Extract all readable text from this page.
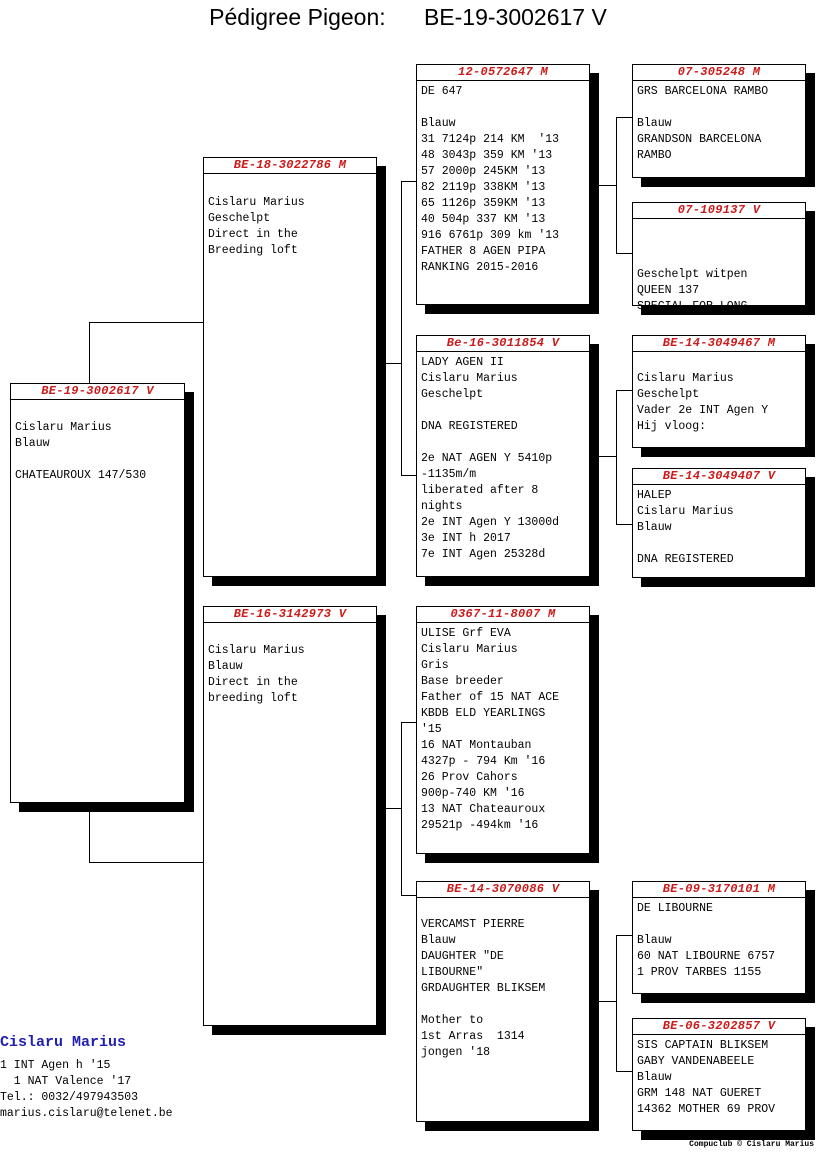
Pédigree Pigeon:      BE-19-3002617 V
BE-19-3002617 V
Cislaru Marius
Blauw

CHATEAUROUX 147/530
BE-18-3022786 M
Cislaru Marius
Geschelpt
Direct in the
Breeding loft
BE-16-3142973 V
Cislaru Marius
Blauw
Direct in the
breeding loft
12-0572647 M
DE 647

Blauw
31 7124p 214 KM  '13
48 3043p 359 KM '13
57 2000p 245KM '13
82 2119p 338KM '13
65 1126p 359KM '13
40 504p 337 KM '13
916 6761p 309 km '13
FATHER 8 AGEN PIPA
RANKING 2015-2016
Be-16-3011854 V
LADY AGEN II
Cislaru Marius
Geschelpt

DNA REGISTERED

2e NAT AGEN Y 5410p
-1135m/m
liberated after 8
nights
2e INT Agen Y 13000d
3e INT h 2017
7e INT Agen 25328d
0367-11-8007 M
ULISE Grf EVA
Cislaru Marius
Gris
Base breeder
Father of 15 NAT ACE
KBDB ELD YEARLINGS
'15
16 NAT Montauban
4327p - 794 Km '16
26 Prov Cahors
900p-740 KM '16
13 NAT Chateauroux
29521p -494km '16
BE-14-3070086 V

VERCAMST PIERRE
Blauw
DAUGHTER "DE
LIBOURNE"
GRDAUGHTER BLIKSEM

Mother to
1st Arras  1314
jongen '18
07-305248 M
GRS BARCELONA RAMBO

Blauw
GRANDSON BARCELONA
RAMBO
07-109137 V

Geschelpt witpen
QUEEN 137
SPECIAL FOR LONG
BE-14-3049467 M

Cislaru Marius
Geschelpt
Vader 2e INT Agen Y
Hij vloog:
BE-14-3049407 V
HALEP
Cislaru Marius
Blauw

DNA REGISTERED
BE-09-3170101 M
DE LIBOURNE

Blauw
60 NAT LIBOURNE 6757
1 PROV TARBES 1155
BE-06-3202857 V
SIS CAPTAIN BLIKSEM
GABY VANDENABEELE
Blauw
GRM 148 NAT GUERET
14362 MOTHER 69 PROV
Cislaru Marius
1 INT Agen h '15
1 NAT Valence '17
Tel.: 0032/497943503
marius.cislaru@telenet.be
Compuclub © Cislaru Marius
